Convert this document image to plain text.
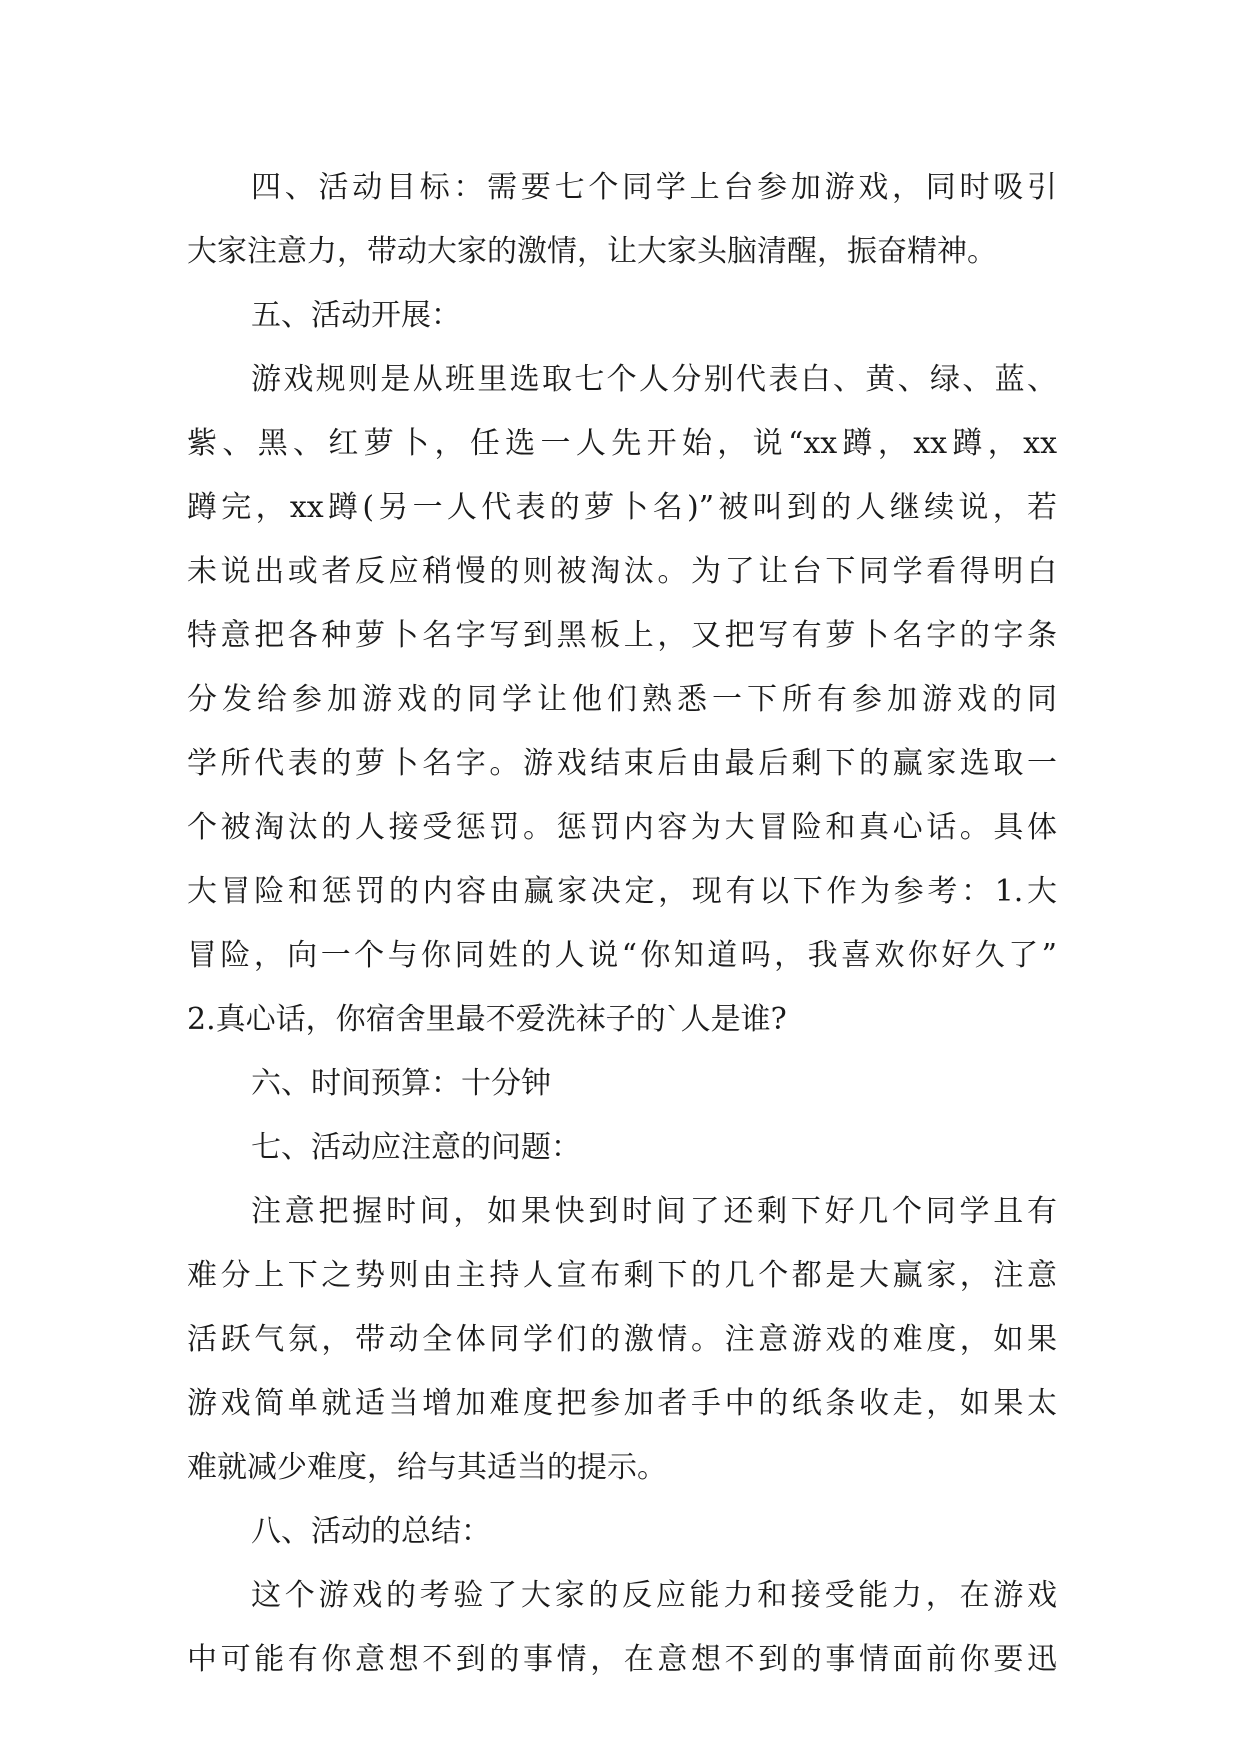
四、活动目标：需要七个同学上台参加游戏，同时吸引
大家注意力，带动大家的激情，让大家头脑清醒，振奋精神。
五、活动开展：
游戏规则是从班里选取七个人分别代表白、黄、绿、蓝、
紫、黑、红萝卜，任选一人先开始，说“xx蹲，xx蹲，xx
蹲完，xx蹲(另一人代表的萝卜名)”被叫到的人继续说，若
未说出或者反应稍慢的则被淘汰。为了让台下同学看得明白
特意把各种萝卜名字写到黑板上，又把写有萝卜名字的字条
分发给参加游戏的同学让他们熟悉一下所有参加游戏的同
学所代表的萝卜名字。游戏结束后由最后剩下的赢家选取一
个被淘汰的人接受惩罚。惩罚内容为大冒险和真心话。具体
大冒险和惩罚的内容由赢家决定，现有以下作为参考：1.大
冒险，向一个与你同姓的人说“你知道吗，我喜欢你好久了”
2.真心话，你宿舍里最不爱洗袜子的`人是谁?
六、时间预算：十分钟
七、活动应注意的问题：
注意把握时间，如果快到时间了还剩下好几个同学且有
难分上下之势则由主持人宣布剩下的几个都是大赢家，注意
活跃气氛，带动全体同学们的激情。注意游戏的难度，如果
游戏简单就适当增加难度把参加者手中的纸条收走，如果太
难就减少难度，给与其适当的提示。
八、活动的总结：
这个游戏的考验了大家的反应能力和接受能力，在游戏
中可能有你意想不到的事情，在意想不到的事情面前你要迅
